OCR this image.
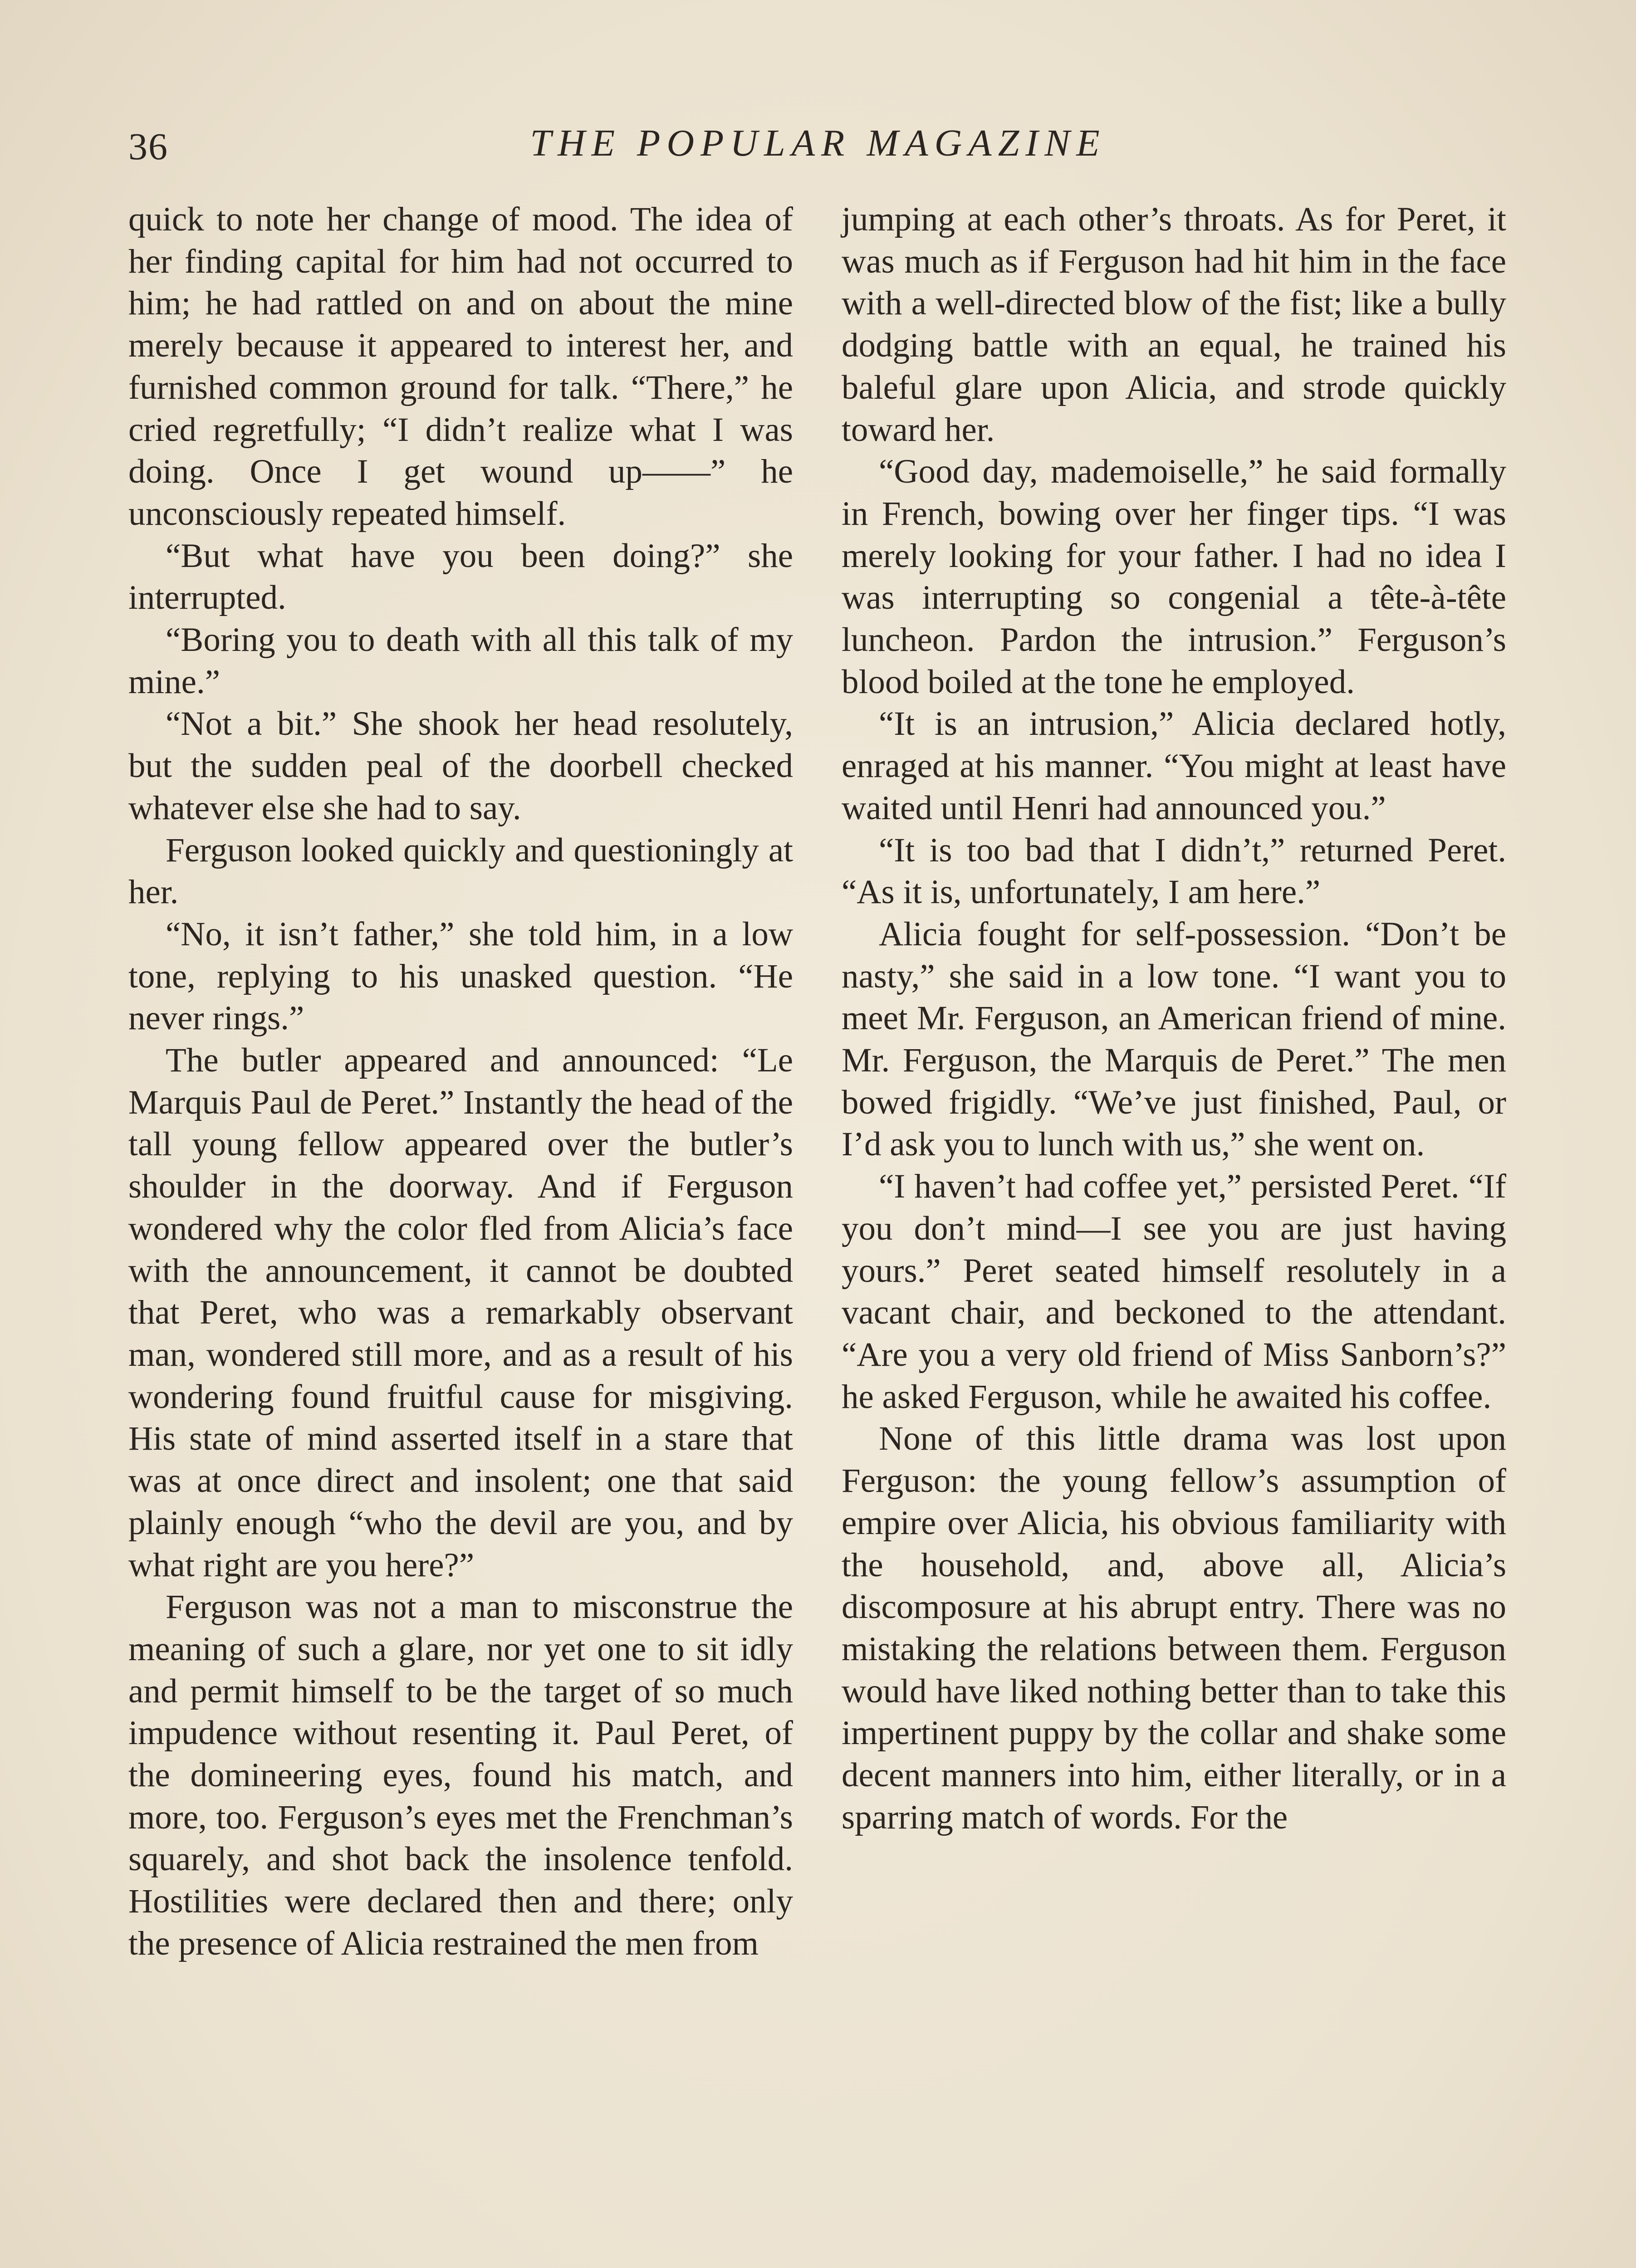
36	THE POPULAR MAGAZINE

quick to note her change of mood. The idea of her finding capital for him had not occurred to him; he had rattled on and on about the mine merely because it appeared to interest her, and furnished common ground for talk. “There,” he cried regretfully; “I didn’t realize what I was doing. Once I get wound up——” he unconsciously repeated himself.

“But what have you been doing?” she interrupted.

“Boring you to death with all this talk of my mine.”

“Not a bit.” She shook her head resolutely, but the sudden peal of the doorbell checked whatever else she had to say.

Ferguson looked quickly and questioningly at her.

“No, it isn’t father,” she told him, in a low tone, replying to his unasked question. “He never rings.”

The butler appeared and announced: “Le Marquis Paul de Peret.” Instantly the head of the tall young fellow appeared over the butler’s shoulder in the doorway. And if Ferguson wondered why the color fled from Alicia’s face with the announcement, it cannot be doubted that Peret, who was a remarkably observant man, wondered still more, and as a result of his wondering found fruitful cause for misgiving. His state of mind asserted itself in a stare that was at once direct and insolent; one that said plainly enough “who the devil are you, and by what right are you here?”

Ferguson was not a man to misconstrue the meaning of such a glare, nor yet one to sit idly and permit himself to be the target of so much impudence without resenting it. Paul Peret, of the domineering eyes, found his match, and more, too. Ferguson’s eyes met the Frenchman’s squarely, and shot back the insolence tenfold. Hostilities were declared then and there; only the presence of Alicia restrained the men from

jumping at each other’s throats. As for Peret, it was much as if Ferguson had hit him in the face with a well-directed blow of the fist; like a bully dodging battle with an equal, he trained his baleful glare upon Alicia, and strode quickly toward her.

“Good day, mademoiselle,” he said formally in French, bowing over her finger tips. “I was merely looking for your father. I had no idea I was interrupting so congenial a tête-à-tête luncheon. Pardon the intrusion.” Ferguson’s blood boiled at the tone he employed.

“It is an intrusion,” Alicia declared hotly, enraged at his manner. “You might at least have waited until Henri had announced you.”

“It is too bad that I didn’t,” returned Peret. “As it is, unfortunately, I am here.”

Alicia fought for self-possession. “Don’t be nasty,” she said in a low tone. “I want you to meet Mr. Ferguson, an American friend of mine. Mr. Ferguson, the Marquis de Peret.” The men bowed frigidly. “We’ve just finished, Paul, or I’d ask you to lunch with us,” she went on.

“I haven’t had coffee yet,” persisted Peret. “If you don’t mind—I see you are just having yours.” Peret seated himself resolutely in a vacant chair, and beckoned to the attendant. “Are you a very old friend of Miss Sanborn’s?” he asked Ferguson, while he awaited his coffee.

None of this little drama was lost upon Ferguson: the young fellow’s assumption of empire over Alicia, his obvious familiarity with the household, and, above all, Alicia’s discomposure at his abrupt entry. There was no mistaking the relations between them. Ferguson would have liked nothing better than to take this impertinent puppy by the collar and shake some decent manners into him, either literally, or in a sparring match of words. For the
